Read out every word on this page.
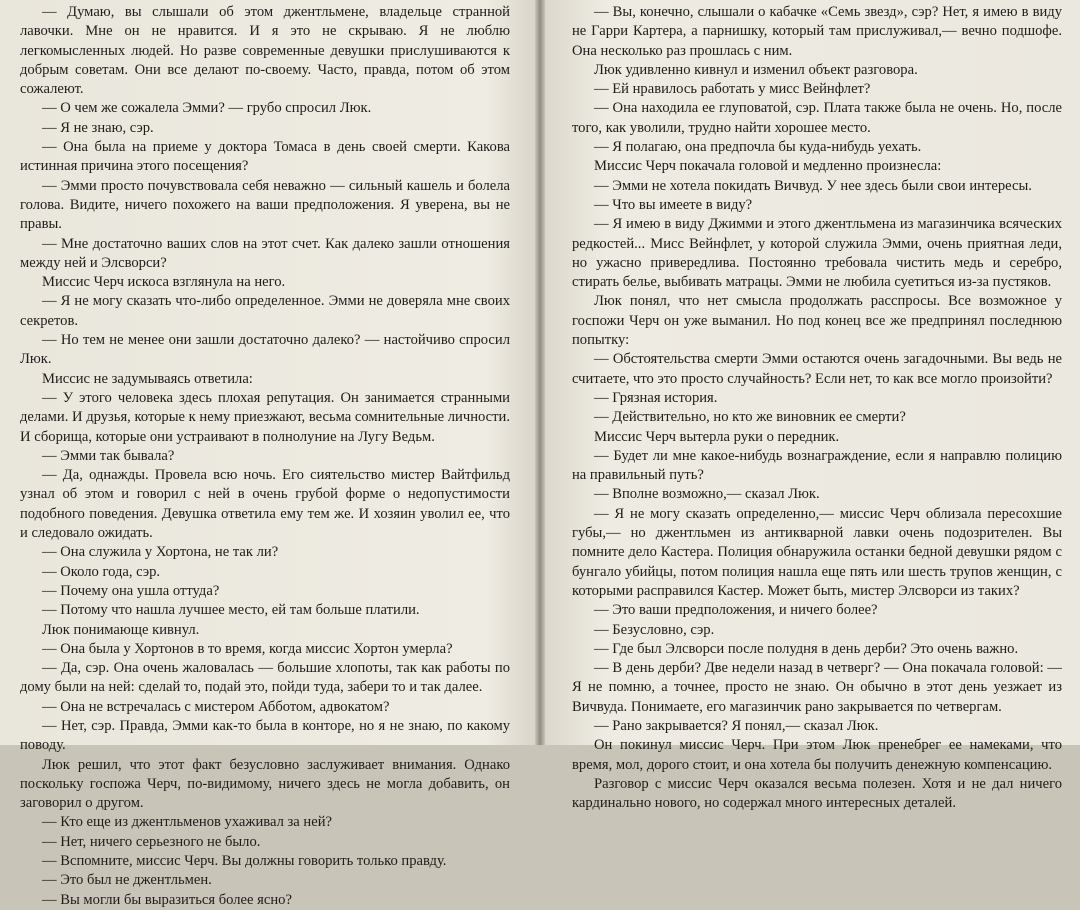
— Думаю, вы слышали об этом джентльмене, владельце странной лавочки. Мне он не нравится. И я это не скрываю. Я не люблю легкомысленных людей. Но разве современные девушки прислушиваются к добрым советам. Они все делают по-своему. Часто, правда, потом об этом сожалеют.

— О чем же сожалела Эмми? — грубо спросил Люк.

— Я не знаю, сэр.

— Она была на приеме у доктора Томаса в день своей смерти. Какова истинная причина этого посещения?

— Эмми просто почувствовала себя неважно — сильный кашель и болела голова. Видите, ничего похожего на ваши предположения. Я уверена, вы не правы.

— Мне достаточно ваших слов на этот счет. Как далеко зашли отношения между ней и Элсворси?

Миссис Черч искоса взглянула на него.

— Я не могу сказать что-либо определенное. Эмми не доверяла мне своих секретов.

— Но тем не менее они зашли достаточно далеко? — настойчиво спросил Люк.

Миссис не задумываясь ответила:

— У этого человека здесь плохая репутация. Он занимается странными делами. И друзья, которые к нему приезжают, весьма сомнительные личности. И сборища, которые они устраивают в полнолуние на Лугу Ведьм.

— Эмми так бывала?

— Да, однажды. Провела всю ночь. Его сиятельство мистер Вайтфильд узнал об этом и говорил с ней в очень грубой форме о недопустимости подобного поведения. Девушка ответила ему тем же. И хозяин уволил ее, что и следовало ожидать.

— Она служила у Хортона, не так ли?

— Около года, сэр.

— Почему она ушла оттуда?

— Потому что нашла лучшее место, ей там больше платили.

Люк понимающе кивнул.

— Она была у Хортонов в то время, когда миссис Хортон умерла?

— Да, сэр. Она очень жаловалась — большие хлопоты, так как работы по дому были на ней: сделай то, подай это, пойди туда, забери то и так далее.

— Она не встречалась с мистером Абботом, адвокатом?

— Нет, сэр. Правда, Эмми как-то была в конторе, но я не знаю, по какому поводу.

Люк решил, что этот факт безусловно заслуживает внимания. Однако поскольку госпожа Черч, по-видимому, ничего здесь не могла добавить, он заговорил о другом.

— Кто еще из джентльменов ухаживал за ней?

— Нет, ничего серьезного не было.

— Вспомните, миссис Черч. Вы должны говорить только правду.

— Это был не джентльмен.

— Вы могли бы выразиться более ясно?

— Вы, конечно, слышали о кабачке «Семь звезд», сэр? Нет, я имею в виду не Гарри Картера, а парнишку, который там прислуживал,— вечно подшофе. Она несколько раз прошлась с ним.

Люк удивленно кивнул и изменил объект разговора.

— Ей нравилось работать у мисс Вейнфлет?

— Она находила ее глуповатой, сэр. Плата также была не очень. Но, после того, как уволили, трудно найти хорошее место.

— Я полагаю, она предпочла бы куда-нибудь уехать.

Миссис Черч покачала головой и медленно произнесла:

— Эмми не хотела покидать Вичвуд. У нее здесь были свои интересы.

— Что вы имеете в виду?

— Я имею в виду Джимми и этого джентльмена из магазинчика всяческих редкостей... Мисс Вейнфлет, у которой служила Эмми, очень приятная леди, но ужасно привередлива. Постоянно требовала чистить медь и серебро, стирать белье, выбивать матрацы. Эмми не любила суетиться из-за пустяков.

Люк понял, что нет смысла продолжать расспросы. Все возможное у госпожи Черч он уже выманил. Но под конец все же предпринял последнюю попытку:

— Обстоятельства смерти Эмми остаются очень загадочными. Вы ведь не считаете, что это просто случайность? Если нет, то как все могло произойти?

— Грязная история.

— Действительно, но кто же виновник ее смерти?

Миссис Черч вытерла руки о передник.

— Будет ли мне какое-нибудь вознаграждение, если я направлю полицию на правильный путь?

— Вполне возможно,— сказал Люк.

— Я не могу сказать определенно,— миссис Черч облизала пересохшие губы,— но джентльмен из антикварной лавки очень подозрителен. Вы помните дело Кастера. Полиция обнаружила останки бедной девушки рядом с бунгало убийцы, потом полиция нашла еще пять или шесть трупов женщин, с которыми расправился Кастер. Может быть, мистер Элсворси из таких?

— Это ваши предположения, и ничего более?

— Безусловно, сэр.

— Где был Элсворси после полудня в день дерби? Это очень важно.

— В день дерби? Две недели назад в четверг? — Она покачала головой: — Я не помню, а точнее, просто не знаю. Он обычно в этот день уезжает из Вичвуда. Понимаете, его магазинчик рано закрывается по четвергам.

— Рано закрывается? Я понял,— сказал Люк.

Он покинул миссис Черч. При этом Люк пренебрег ее намеками, что время, мол, дорого стоит, и она хотела бы получить денежную компенсацию.

Разговор с миссис Черч оказался весьма полезен. Хотя и не дал ничего кардинально нового, но содержал много интересных деталей.
